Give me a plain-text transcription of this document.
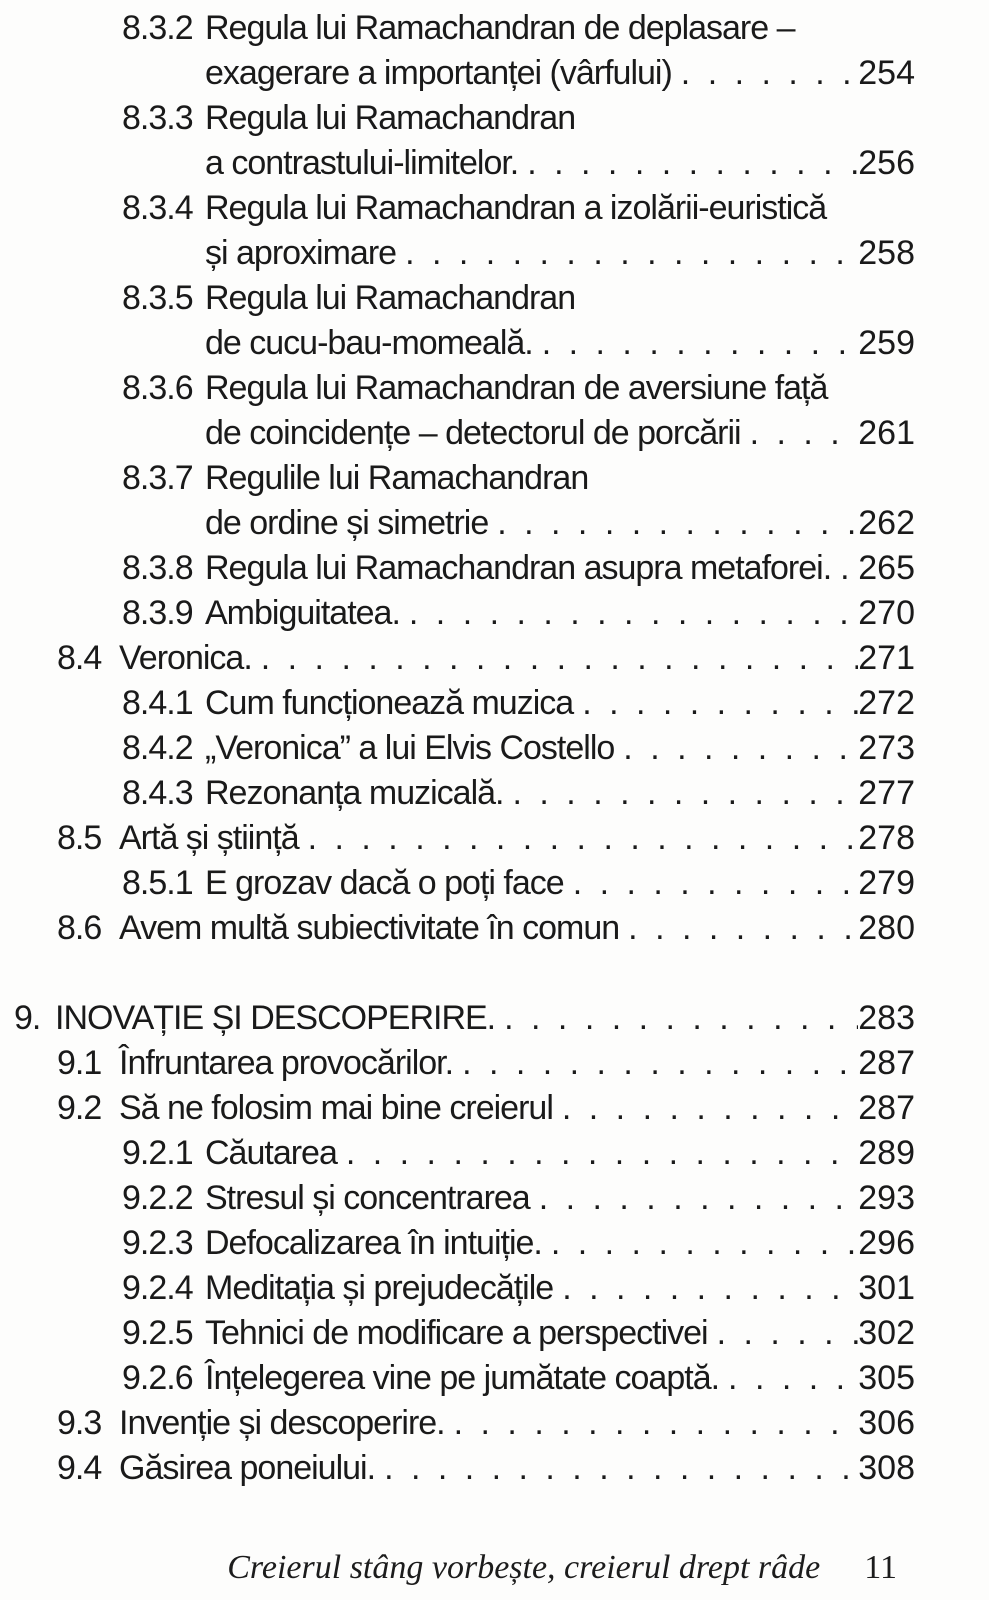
8.3.2 Regula lui Ramachandran de deplasare –
exagerare a importanței (vârfului) . . .	254
8.3.3 Regula lui Ramachandran
a contrastului-limitelor. . . .	256
8.3.4 Regula lui Ramachandran a izolării-euristică
și aproximare . . .	258
8.3.5 Regula lui Ramachandran
de cucu-bau-momeală. . . .	259
8.3.6 Regula lui Ramachandran de aversiune față
de coincidențe – detectorul de porcării . . .	261
8.3.7 Regulile lui Ramachandran
de ordine și simetrie . . .	262
8.3.8 Regula lui Ramachandran asupra metaforei. . . . 265
8.3.9 Ambiguitatea. . . .	270
8.4 Veronica. . . .	271
8.4.1 Cum funcționează muzica . . .	272
8.4.2 „Veronica” a lui Elvis Costello . . .	273
8.4.3 Rezonanța muzicală. . . .	277
8.5 Artă și știință . . .	278
8.5.1 E grozav dacă o poți face . . .	279
8.6 Avem multă subiectivitate în comun . . .	280
9. INOVAȚIE ȘI DESCOPERIRE. . . .	283
9.1 Înfruntarea provocărilor. . . .	287
9.2 Să ne folosim mai bine creierul . . .	287
9.2.1 Căutarea . . .	289
9.2.2 Stresul și concentrarea . . .	293
9.2.3 Defocalizarea în intuiție. . . .	296
9.2.4 Meditația și prejudecățile . . .	301
9.2.5 Tehnici de modificare a perspectivei . . .	302
9.2.6 Înțelegerea vine pe jumătate coaptă. . . .	305
9.3 Invenție și descoperire. . . .	306
9.4 Găsirea poneiului. . . .	308
Creierul stâng vorbește, creierul drept râde 11
